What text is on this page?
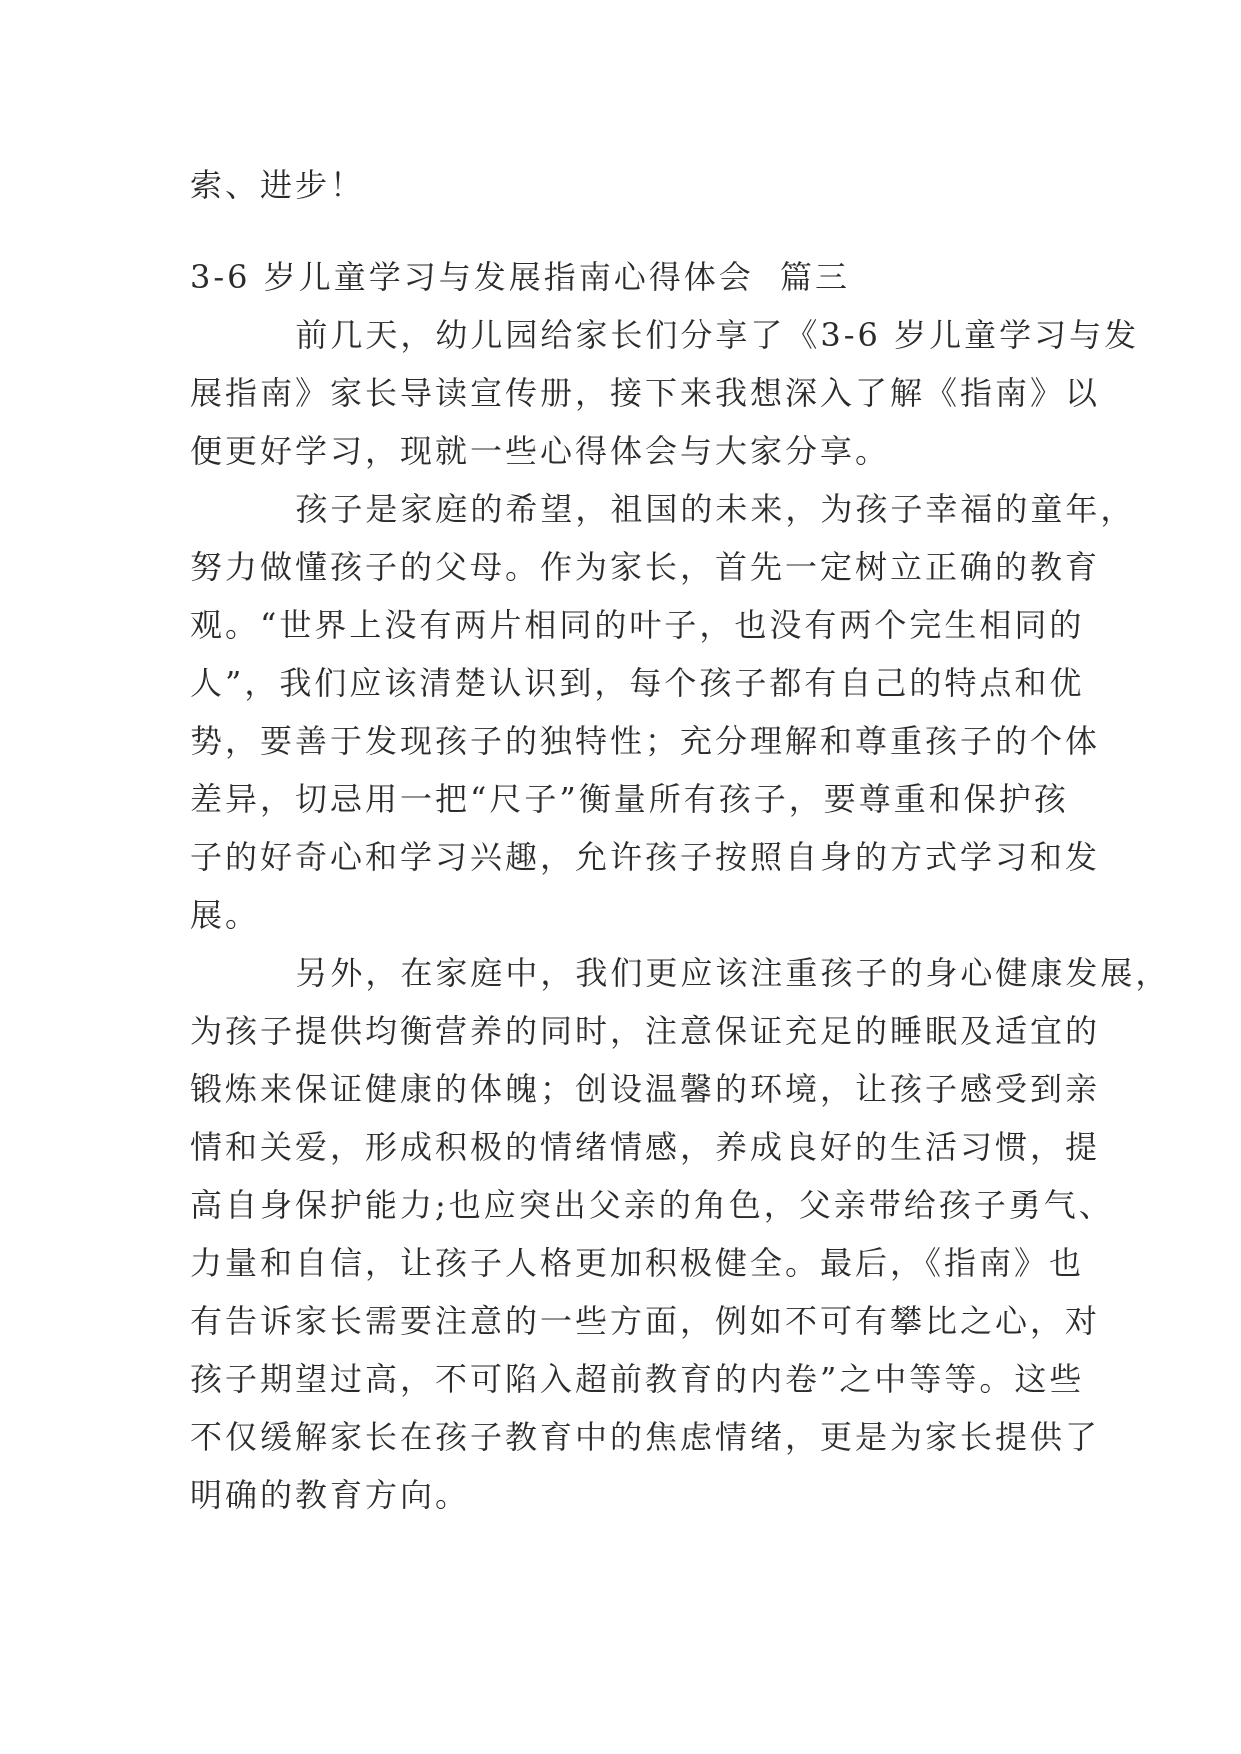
索、进步！
3-6 岁儿童学习与发展指南心得体会  篇三
前几天，幼儿园给家长们分享了《3-6 岁儿童学习与发
展指南》家长导读宣传册，接下来我想深入了解《指南》以
便更好学习，现就一些心得体会与大家分享。
孩子是家庭的希望，祖国的未来，为孩子幸福的童年，
努力做懂孩子的父母。作为家长，首先一定树立正确的教育
观。“世界上没有两片相同的叶子，也没有两个完生相同的
人”，我们应该清楚认识到，每个孩子都有自己的特点和优
势，要善于发现孩子的独特性；充分理解和尊重孩子的个体
差异，切忌用一把“尺子”衡量所有孩子，要尊重和保护孩
子的好奇心和学习兴趣，允许孩子按照自身的方式学习和发
展。
另外，在家庭中，我们更应该注重孩子的身心健康发展，
为孩子提供均衡营养的同时，注意保证充足的睡眠及适宜的
锻炼来保证健康的体魄；创设温馨的环境，让孩子感受到亲
情和关爱，形成积极的情绪情感，养成良好的生活习惯，提
高自身保护能力;也应突出父亲的角色，父亲带给孩子勇气、
力量和自信，让孩子人格更加积极健全。最后，《指南》也
有告诉家长需要注意的一些方面，例如不可有攀比之心，对
孩子期望过高，不可陷入超前教育的内卷”之中等等。这些
不仅缓解家长在孩子教育中的焦虑情绪，更是为家长提供了
明确的教育方向。
